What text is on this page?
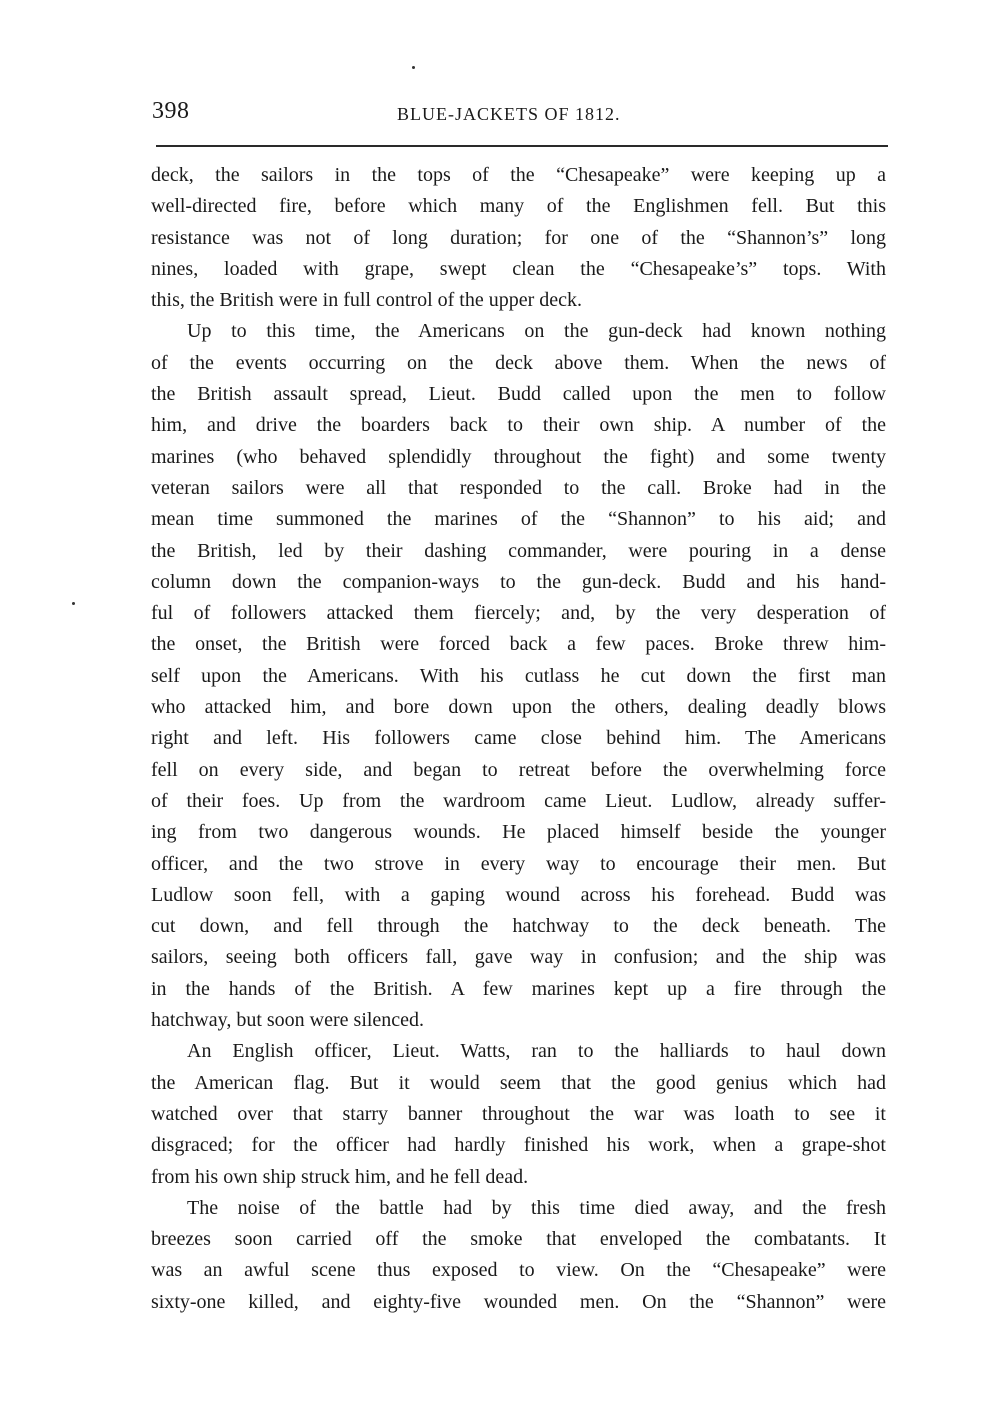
398	BLUE-JACKETS OF 1812.
deck, the sailors in the tops of the “Chesapeake” were keeping up a
well-directed fire, before which many of the Englishmen fell. But this
resistance was not of long duration; for one of the “Shannon’s” long
nines, loaded with grape, swept clean the “Chesapeake’s” tops. With
this, the British were in full control of the upper deck.
Up to this time, the Americans on the gun-deck had known nothing
of the events occurring on the deck above them. When the news of
the British assault spread, Lieut. Budd called upon the men to follow
him, and drive the boarders back to their own ship. A number of the
marines (who behaved splendidly throughout the fight) and some twenty
veteran sailors were all that responded to the call. Broke had in the
mean time summoned the marines of the “Shannon” to his aid; and
the British, led by their dashing commander, were pouring in a dense
column down the companion-ways to the gun-deck. Budd and his hand-
ful of followers attacked them fiercely; and, by the very desperation of
the onset, the British were forced back a few paces. Broke threw him-
self upon the Americans. With his cutlass he cut down the first man
who attacked him, and bore down upon the others, dealing deadly blows
right and left. His followers came close behind him. The Americans
fell on every side, and began to retreat before the overwhelming force
of their foes. Up from the wardroom came Lieut. Ludlow, already suffer-
ing from two dangerous wounds. He placed himself beside the younger
officer, and the two strove in every way to encourage their men. But
Ludlow soon fell, with a gaping wound across his forehead. Budd was
cut down, and fell through the hatchway to the deck beneath. The
sailors, seeing both officers fall, gave way in confusion; and the ship was
in the hands of the British. A few marines kept up a fire through the
hatchway, but soon were silenced.
An English officer, Lieut. Watts, ran to the halliards to haul down
the American flag. But it would seem that the good genius which had
watched over that starry banner throughout the war was loath to see it
disgraced; for the officer had hardly finished his work, when a grape-shot
from his own ship struck him, and he fell dead.
The noise of the battle had by this time died away, and the fresh
breezes soon carried off the smoke that enveloped the combatants. It
was an awful scene thus exposed to view. On the “Chesapeake” were
sixty-one killed, and eighty-five wounded men. On the “Shannon” were
